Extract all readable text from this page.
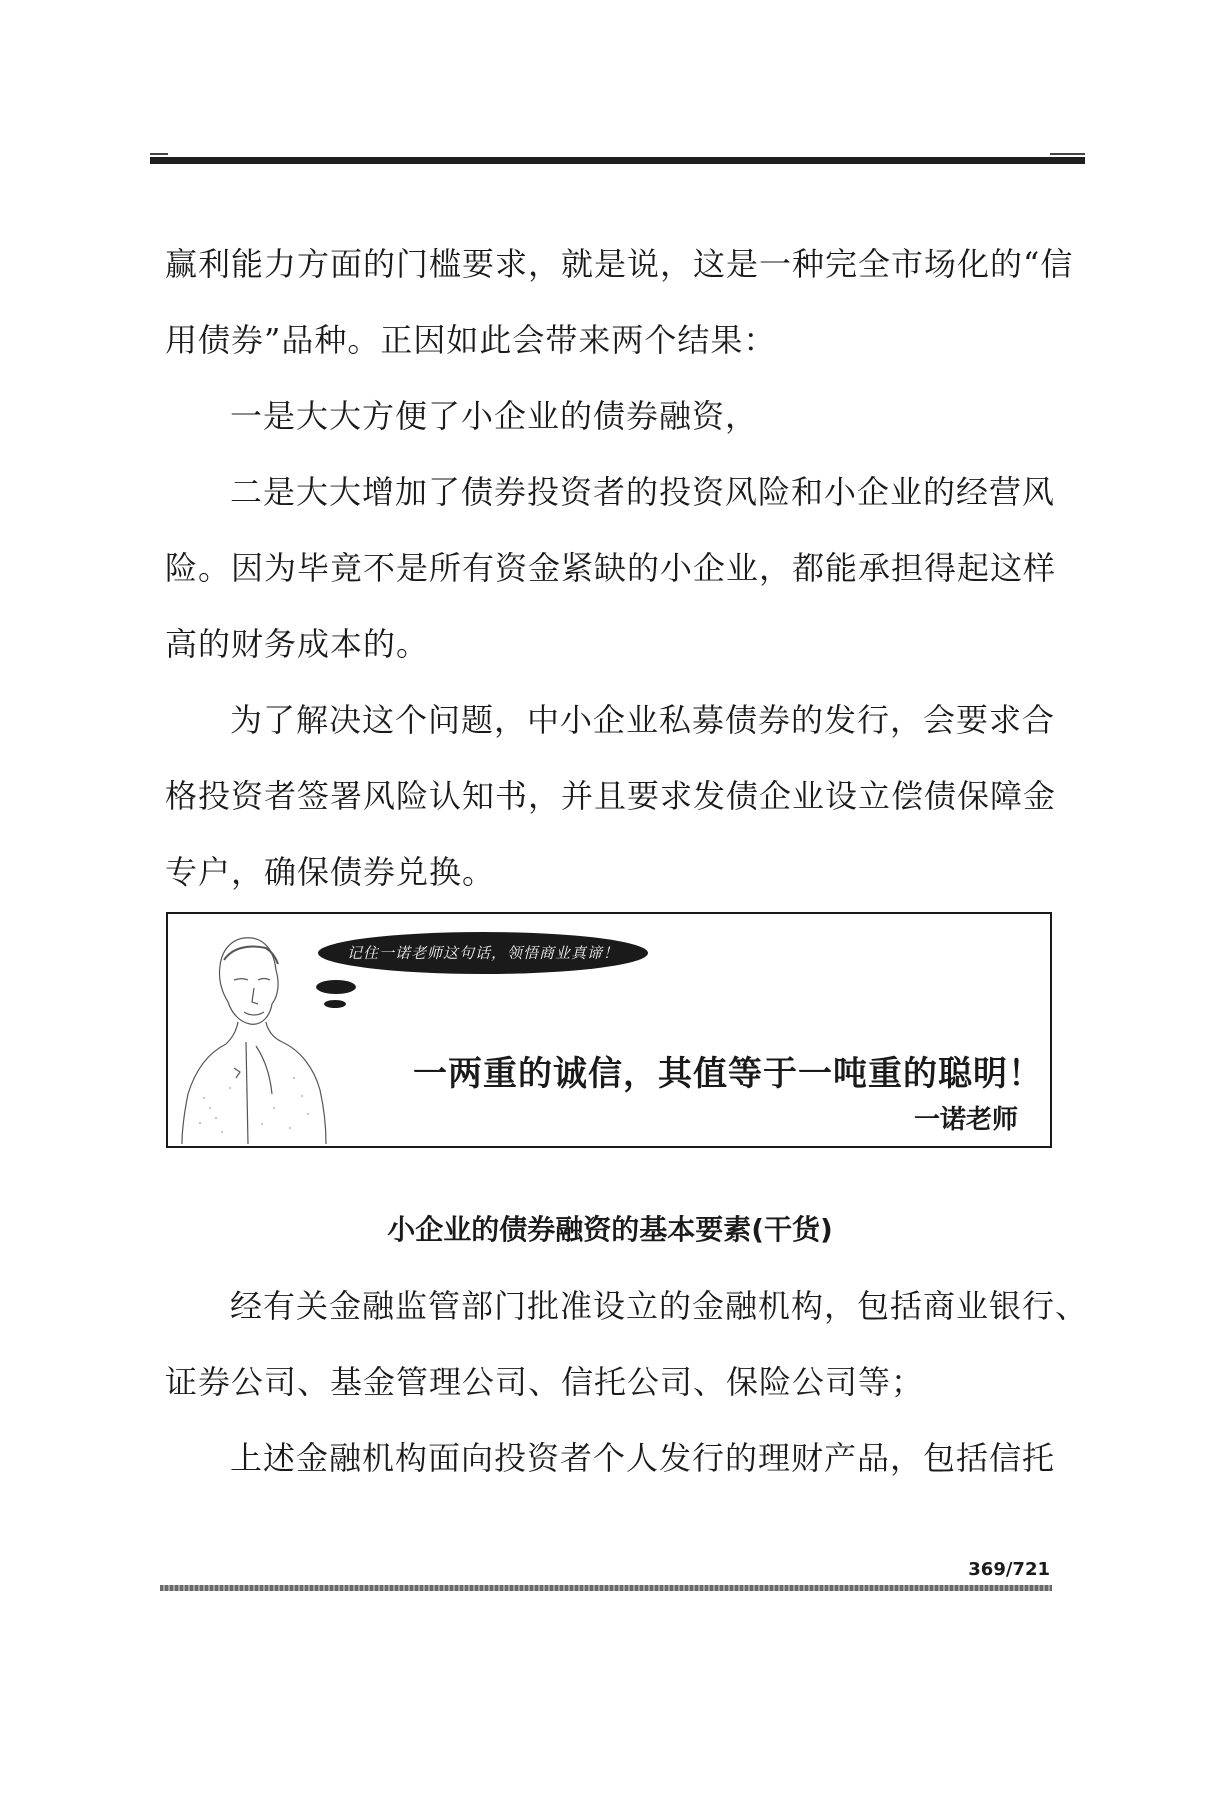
赢利能力方面的门槛要求，就是说，这是一种完全市场化的“信
用债券”品种。正因如此会带来两个结果：
一是大大方便了小企业的债券融资，
二是大大增加了债券投资者的投资风险和小企业的经营风
险。因为毕竟不是所有资金紧缺的小企业，都能承担得起这样
高的财务成本的。
为了解决这个问题，中小企业私募债券的发行，会要求合
格投资者签署风险认知书，并且要求发债企业设立偿债保障金
专户，确保债券兑换。
记住一诺老师这句话，领悟商业真谛！
一两重的诚信，其值等于一吨重的聪明！
一诺老师
小企业的债券融资的基本要素(干货)
经有关金融监管部门批准设立的金融机构，包括商业银行、
证券公司、基金管理公司、信托公司、保险公司等；
上述金融机构面向投资者个人发行的理财产品，包括信托
369/721
